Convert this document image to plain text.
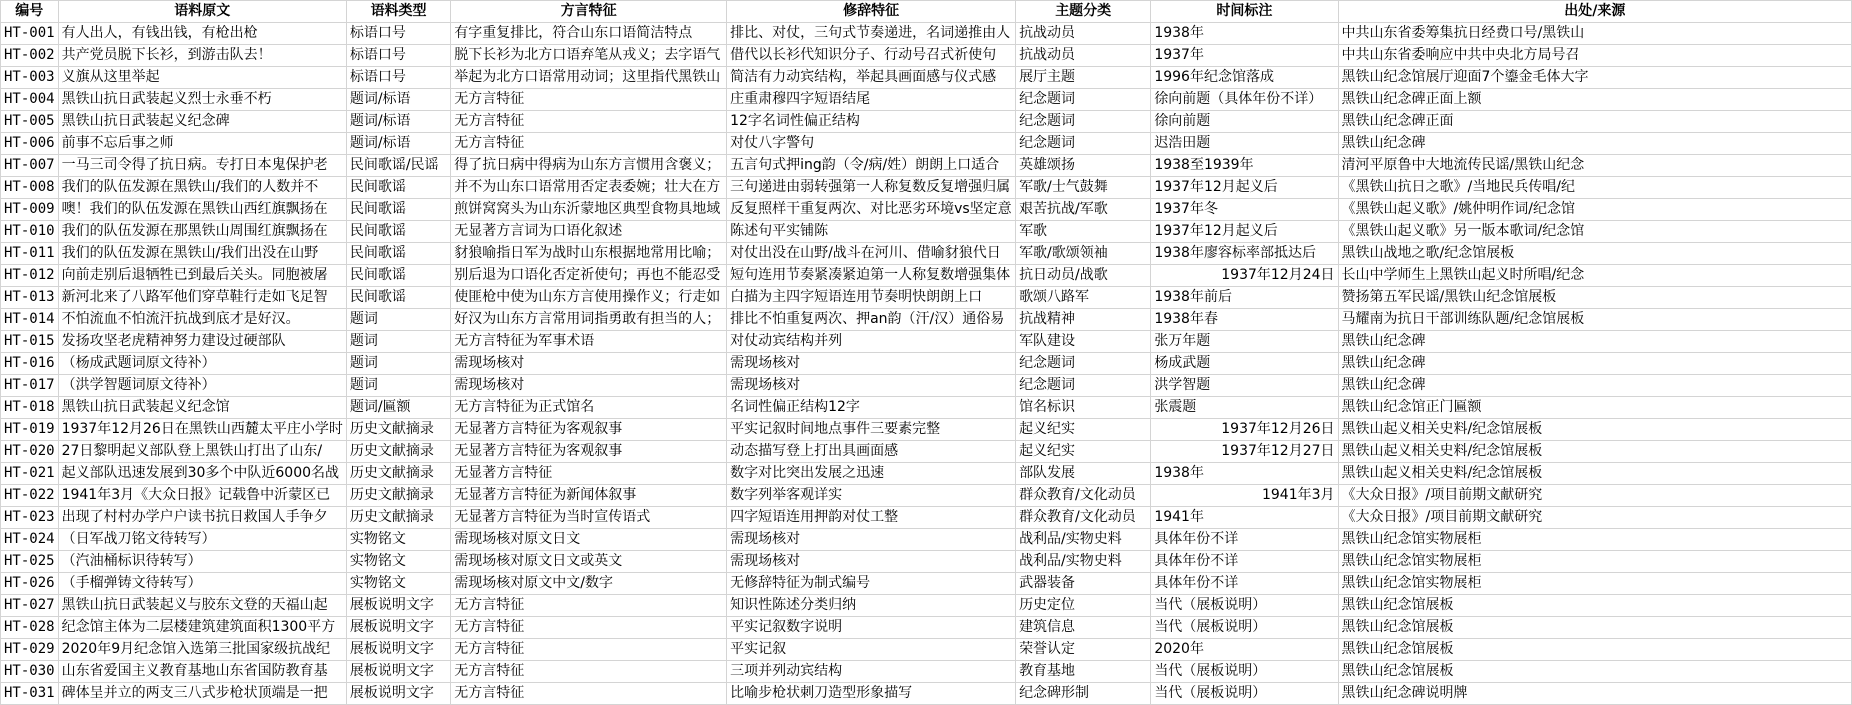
编号	语料原文	语料类型	方言特征	修辞特征	主题分类	时间标注	出处/来源
HT-001	有人出人，有钱出钱，有枪出枪	标语口号	有字重复排比，符合山东口语简洁特点	排比、对仗，三句式节奏递进，名词递推由人	抗战动员	1938年	中共山东省委筹集抗日经费口号/黑铁山
HT-002	共产党员脱下长衫，到游击队去！	标语口号	脱下长衫为北方口语弃笔从戎义；去字语气	借代以长衫代知识分子、行动号召式祈使句	抗战动员	1937年	中共山东省委响应中共中央北方局号召
HT-003	义旗从这里举起	标语口号	举起为北方口语常用动词；这里指代黑铁山	简洁有力动宾结构，举起具画面感与仪式感	展厅主题	1996年纪念馆落成	黑铁山纪念馆展厅迎面7个鎏金毛体大字
HT-004	黑铁山抗日武装起义烈士永垂不朽	题词/标语	无方言特征	庄重肃穆四字短语结尾	纪念题词	徐向前题（具体年份不详）	黑铁山纪念碑正面上额
HT-005	黑铁山抗日武装起义纪念碑	题词/标语	无方言特征	12字名词性偏正结构	纪念题词	徐向前题	黑铁山纪念碑正面
HT-006	前事不忘后事之师	题词/标语	无方言特征	对仗八字警句	纪念题词	迟浩田题	黑铁山纪念碑
HT-007	一马三司令得了抗日病。专打日本鬼保护老	民间歌谣/民谣	得了抗日病中得病为山东方言惯用含褒义；	五言句式押ing韵（令/病/姓）朗朗上口适合	英雄颂扬	1938至1939年	清河平原鲁中大地流传民谣/黑铁山纪念
HT-008	我们的队伍发源在黑铁山/我们的人数并不	民间歌谣	并不为山东口语常用否定表委婉；壮大在方	三句递进由弱转强第一人称复数反复增强归属	军歌/士气鼓舞	1937年12月起义后	《黑铁山抗日之歌》/当地民兵传唱/纪
HT-009	噢！我们的队伍发源在黑铁山西红旗飘扬在	民间歌谣	煎饼窝窝头为山东沂蒙地区典型食物具地域	反复照样干重复两次、对比恶劣环境vs坚定意	艰苦抗战/军歌	1937年冬	《黑铁山起义歌》/姚仲明作词/纪念馆
HT-010	我们的队伍发源在那黑铁山周围红旗飘扬在	民间歌谣	无显著方言词为口语化叙述	陈述句平实铺陈	军歌	1937年12月起义后	《黑铁山起义歌》另一版本歌词/纪念馆
HT-011	我们的队伍发源在黑铁山/我们出没在山野	民间歌谣	豺狼喻指日军为战时山东根据地常用比喻；	对仗出没在山野/战斗在河川、借喻豺狼代日	军歌/歌颂领袖	1938年廖容标率部抵达后	黑铁山战地之歌/纪念馆展板
HT-012	向前走别后退牺牲已到最后关头。同胞被屠	民间歌谣	别后退为口语化否定祈使句；再也不能忍受	短句连用节奏紧凑紧迫第一人称复数增强集体	抗日动员/战歌	1937年12月24日	长山中学师生上黑铁山起义时所唱/纪念
HT-013	新河北来了八路军他们穿草鞋行走如飞足智	民间歌谣	使匪枪中使为山东方言使用操作义；行走如	白描为主四字短语连用节奏明快朗朗上口	歌颂八路军	1938年前后	赞扬第五军民谣/黑铁山纪念馆展板
HT-014	不怕流血不怕流汗抗战到底才是好汉。	题词	好汉为山东方言常用词指勇敢有担当的人；	排比不怕重复两次、押an韵（汗/汉）通俗易	抗战精神	1938年春	马耀南为抗日干部训练队题/纪念馆展板
HT-015	发扬攻坚老虎精神努力建设过硬部队	题词	无方言特征为军事术语	对仗动宾结构并列	军队建设	张万年题	黑铁山纪念碑
HT-016	（杨成武题词原文待补）	题词	需现场核对	需现场核对	纪念题词	杨成武题	黑铁山纪念碑
HT-017	（洪学智题词原文待补）	题词	需现场核对	需现场核对	纪念题词	洪学智题	黑铁山纪念碑
HT-018	黑铁山抗日武装起义纪念馆	题词/匾额	无方言特征为正式馆名	名词性偏正结构12字	馆名标识	张震题	黑铁山纪念馆正门匾额
HT-019	1937年12月26日在黑铁山西麓太平庄小学时	历史文献摘录	无显著方言特征为客观叙事	平实记叙时间地点事件三要素完整	起义纪实	1937年12月26日	黑铁山起义相关史料/纪念馆展板
HT-020	27日黎明起义部队登上黑铁山打出了山东/	历史文献摘录	无显著方言特征为客观叙事	动态描写登上打出具画面感	起义纪实	1937年12月27日	黑铁山起义相关史料/纪念馆展板
HT-021	起义部队迅速发展到30多个中队近6000名战	历史文献摘录	无显著方言特征	数字对比突出发展之迅速	部队发展	1938年	黑铁山起义相关史料/纪念馆展板
HT-022	1941年3月《大众日报》记载鲁中沂蒙区已	历史文献摘录	无显著方言特征为新闻体叙事	数字列举客观详实	群众教育/文化动员	1941年3月	《大众日报》/项目前期文献研究
HT-023	出现了村村办学户户读书抗日救国人手争夕	历史文献摘录	无显著方言特征为当时宣传语式	四字短语连用押韵对仗工整	群众教育/文化动员	1941年	《大众日报》/项目前期文献研究
HT-024	（日军战刀铭文待转写）	实物铭文	需现场核对原文日文	需现场核对	战利品/实物史料	具体年份不详	黑铁山纪念馆实物展柜
HT-025	（汽油桶标识待转写）	实物铭文	需现场核对原文日文或英文	需现场核对	战利品/实物史料	具体年份不详	黑铁山纪念馆实物展柜
HT-026	（手榴弹铸文待转写）	实物铭文	需现场核对原文中文/数字	无修辞特征为制式编号	武器装备	具体年份不详	黑铁山纪念馆实物展柜
HT-027	黑铁山抗日武装起义与胶东文登的天福山起	展板说明文字	无方言特征	知识性陈述分类归纳	历史定位	当代（展板说明）	黑铁山纪念馆展板
HT-028	纪念馆主体为二层楼建筑建筑面积1300平方	展板说明文字	无方言特征	平实记叙数字说明	建筑信息	当代（展板说明）	黑铁山纪念馆展板
HT-029	2020年9月纪念馆入选第三批国家级抗战纪	展板说明文字	无方言特征	平实记叙	荣誉认定	2020年	黑铁山纪念馆展板
HT-030	山东省爱国主义教育基地山东省国防教育基	展板说明文字	无方言特征	三项并列动宾结构	教育基地	当代（展板说明）	黑铁山纪念馆展板
HT-031	碑体呈并立的两支三八式步枪状顶端是一把	展板说明文字	无方言特征	比喻步枪状刺刀造型形象描写	纪念碑形制	当代（展板说明）	黑铁山纪念碑说明牌
